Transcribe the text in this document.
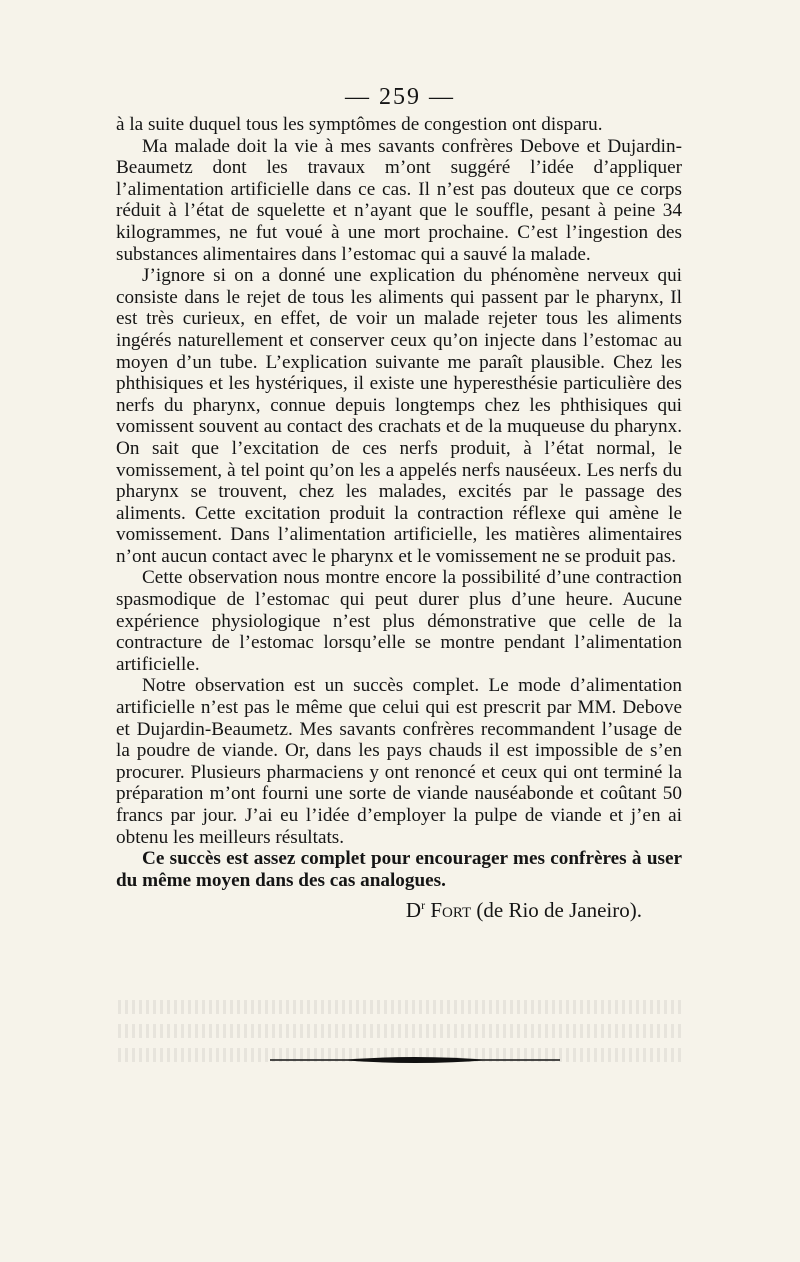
— 259 —

à la suite duquel tous les symptômes de congestion ont disparu.

Ma malade doit la vie à mes savants confrères Debove et Dujardin-Beaumetz dont les travaux m’ont suggéré l’idée d’appliquer l’alimentation artificielle dans ce cas. Il n’est pas douteux que ce corps réduit à l’état de squelette et n’ayant que le souffle, pesant à peine 34 kilogrammes, ne fut voué à une mort prochaine. C’est l’ingestion des substances alimentaires dans l’estomac qui a sauvé la malade.

J’ignore si on a donné une explication du phénomène nerveux qui consiste dans le rejet de tous les aliments qui passent par le pharynx, Il est très curieux, en effet, de voir un malade rejeter tous les aliments ingérés naturellement et conserver ceux qu’on injecte dans l’estomac au moyen d’un tube. L’explication suivante me paraît plausible. Chez les phthisiques et les hystériques, il existe une hyperesthésie particulière des nerfs du pharynx, connue depuis longtemps chez les phthisiques qui vomissent souvent au contact des crachats et de la muqueuse du pharynx. On sait que l’excitation de ces nerfs produit, à l’état normal, le vomissement, à tel point qu’on les a appelés nerfs nauséeux. Les nerfs du pharynx se trouvent, chez les malades, excités par le passage des aliments. Cette excitation produit la contraction réflexe qui amène le vomissement. Dans l’alimentation artificielle, les matières alimentaires n’ont aucun contact avec le pharynx et le vomissement ne se produit pas.

Cette observation nous montre encore la possibilité d’une contraction spasmodique de l’estomac qui peut durer plus d’une heure. Aucune expérience physiologique n’est plus démonstrative que celle de la contracture de l’estomac lorsqu’elle se montre pendant l’alimentation artificielle.

Notre observation est un succès complet. Le mode d’alimentation artificielle n’est pas le même que celui qui est prescrit par MM. Debove et Dujardin-Beaumetz. Mes savants confrères recommandent l’usage de la poudre de viande. Or, dans les pays chauds il est impossible de s’en procurer. Plusieurs pharmaciens y ont renoncé et ceux qui ont terminé la préparation m’ont fourni une sorte de viande nauséabonde et coûtant 50 francs par jour. J’ai eu l’idée d’employer la pulpe de viande et j’en ai obtenu les meilleurs résultats.

Ce succès est assez complet pour encourager mes confrères à user du même moyen dans des cas analogues.

$D^r$ Fort (de Rio de Janeiro).
